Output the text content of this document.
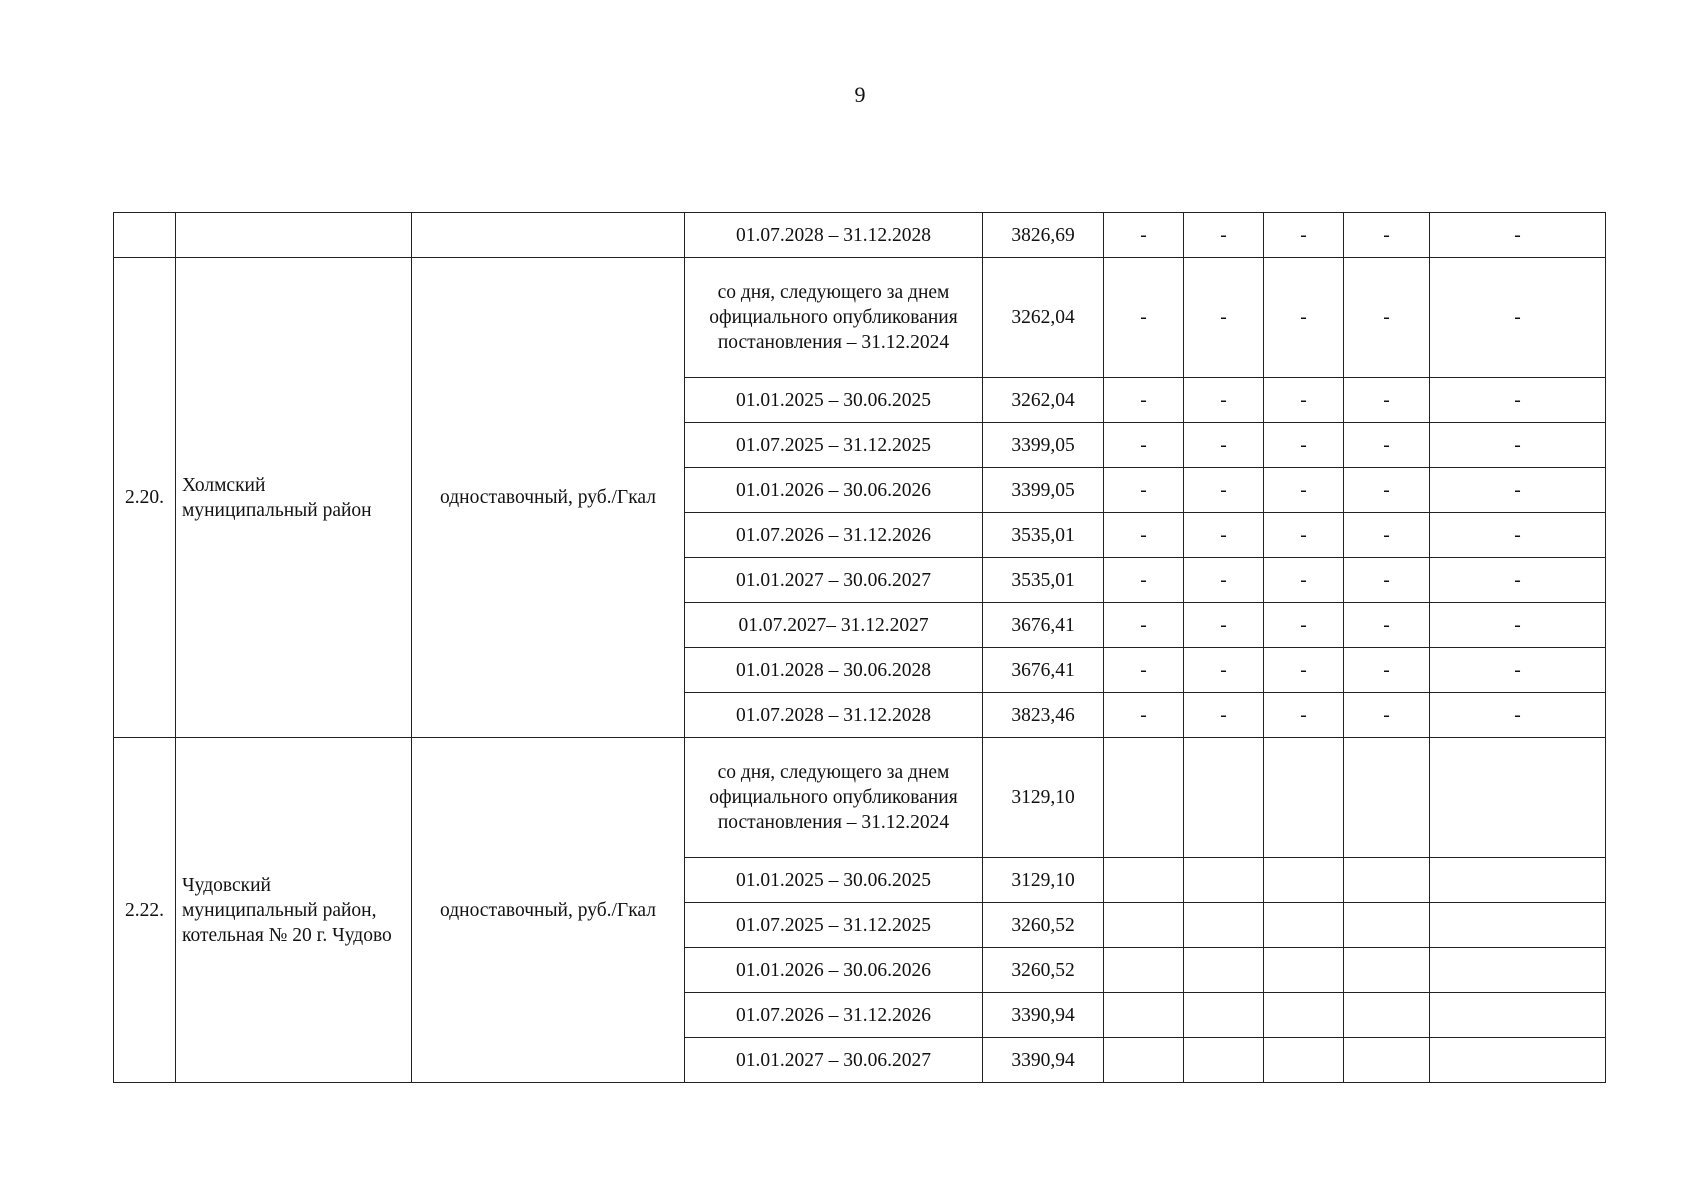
9
			01.07.2028 – 31.12.2028	3826,69	-	-	-	-	-
2.20.	Холмский муниципальный район	одноставочный, руб./Гкал	со дня, следующего за днем официального опубликования постановления – 31.12.2024	3262,04	-	-	-	-	-
			01.01.2025 – 30.06.2025	3262,04	-	-	-	-	-
			01.07.2025 – 31.12.2025	3399,05	-	-	-	-	-
			01.01.2026 – 30.06.2026	3399,05	-	-	-	-	-
			01.07.2026 – 31.12.2026	3535,01	-	-	-	-	-
			01.01.2027 – 30.06.2027	3535,01	-	-	-	-	-
			01.07.2027– 31.12.2027	3676,41	-	-	-	-	-
			01.01.2028 – 30.06.2028	3676,41	-	-	-	-	-
			01.07.2028 – 31.12.2028	3823,46	-	-	-	-	-
2.22.	Чудовский муниципальный район, котельная № 20 г. Чудово	одноставочный, руб./Гкал	со дня, следующего за днем официального опубликования постановления – 31.12.2024	3129,10					
			01.01.2025 – 30.06.2025	3129,10					
			01.07.2025 – 31.12.2025	3260,52					
			01.01.2026 – 30.06.2026	3260,52					
			01.07.2026 – 31.12.2026	3390,94					
			01.01.2027 – 30.06.2027	3390,94					
